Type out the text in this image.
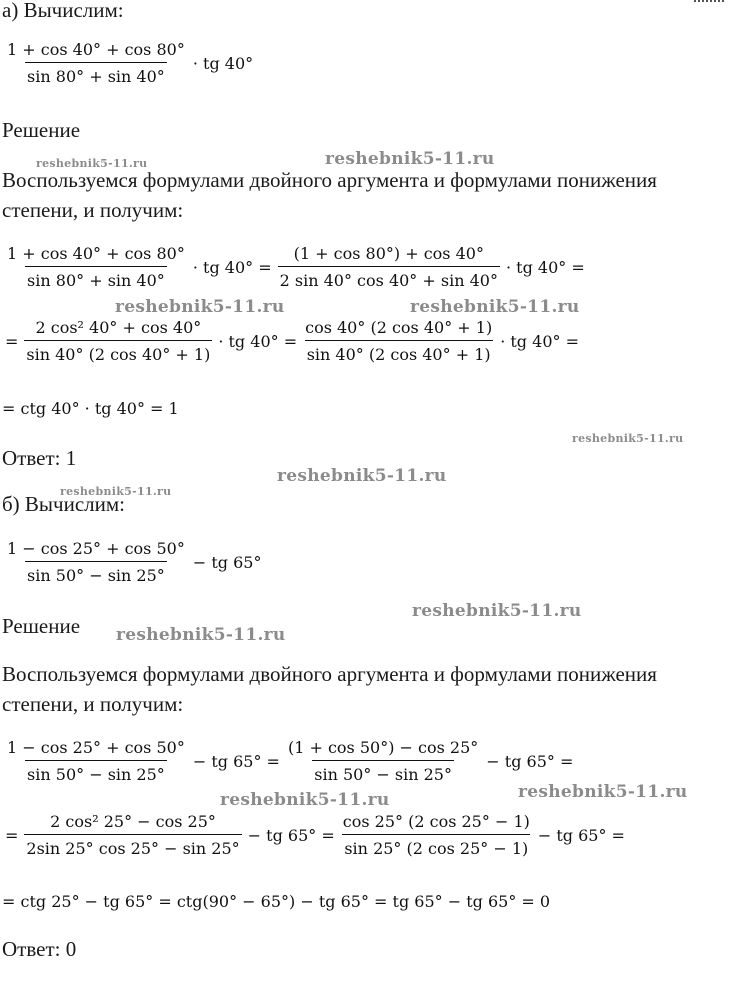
а) Вычислим:
$\frac{1 + \cos 40^\circ + \cos 80^\circ}{\sin 80^\circ + \sin 40^\circ}$ · tg 40°
Решение
Воспользуемся формулами двойного аргумента и формулами понижения
степени, и получим:
$\frac{1 + \cos 40^\circ + \cos 80^\circ}{\sin 80^\circ + \sin 40^\circ}$ · tg $40^\circ = \frac{(1 + \cos 80^\circ) + \cos 40^\circ}{2 \sin 40^\circ \cos 40^\circ + \sin 40^\circ}$ · tg 40° =
= $\frac{\text{2 cos² 40° + cos 40°}}{\sin 40^\circ (2 \cos 40^\circ + 1)}$ · tg $40^\circ = \frac{\cos 40^\circ (2 \cos 40^\circ + 1)}{\sin 40^\circ (2 \cos 40^\circ + 1)}$ · tg 40° =
= ctg 40° · tg 40° = 1
Ответ: 1
б) Вычислим:
$\frac{1 - \cos 25^\circ + \cos 50^\circ}{\sin 50^\circ - \sin 25^\circ}$ − tg 65°
Решение
Воспользуемся формулами двойного аргумента и формулами понижения
степени, и получим:
$\frac{1 - \cos 25^\circ + \cos 50^\circ}{\sin 50^\circ - \sin 25^\circ}$ − tg $65^\circ = \frac{(1 + \cos 50^\circ) - \cos 25^\circ}{\sin 50^\circ - \sin 25^\circ}$ − tg 65° =
= $\frac{\text{2 cos² 25° − cos 25°}}{2\sin 25^\circ \cos 25^\circ - \sin 25^\circ}$ − tg $65^\circ = \frac{\cos 25^\circ (2 \cos 25^\circ - 1)}{\sin 25^\circ (2 \cos 25^\circ - 1)}$ − tg 65° =
= ctg 25° − tg 65° = ctg(90° − 65°) − tg 65° = tg 65° − tg 65° = 0
Ответ: 0
reshebnik5-11.ru	reshebnik5-11.ru
reshebnik5-11.ru	reshebnik5-11.ru
reshebnik5-11.ru
reshebnik5-11.ru
reshebnik5-11.ru
reshebnik5-11.ru
reshebnik5-11.ru
reshebnik5-11.ru	reshebnik5-11.ru
